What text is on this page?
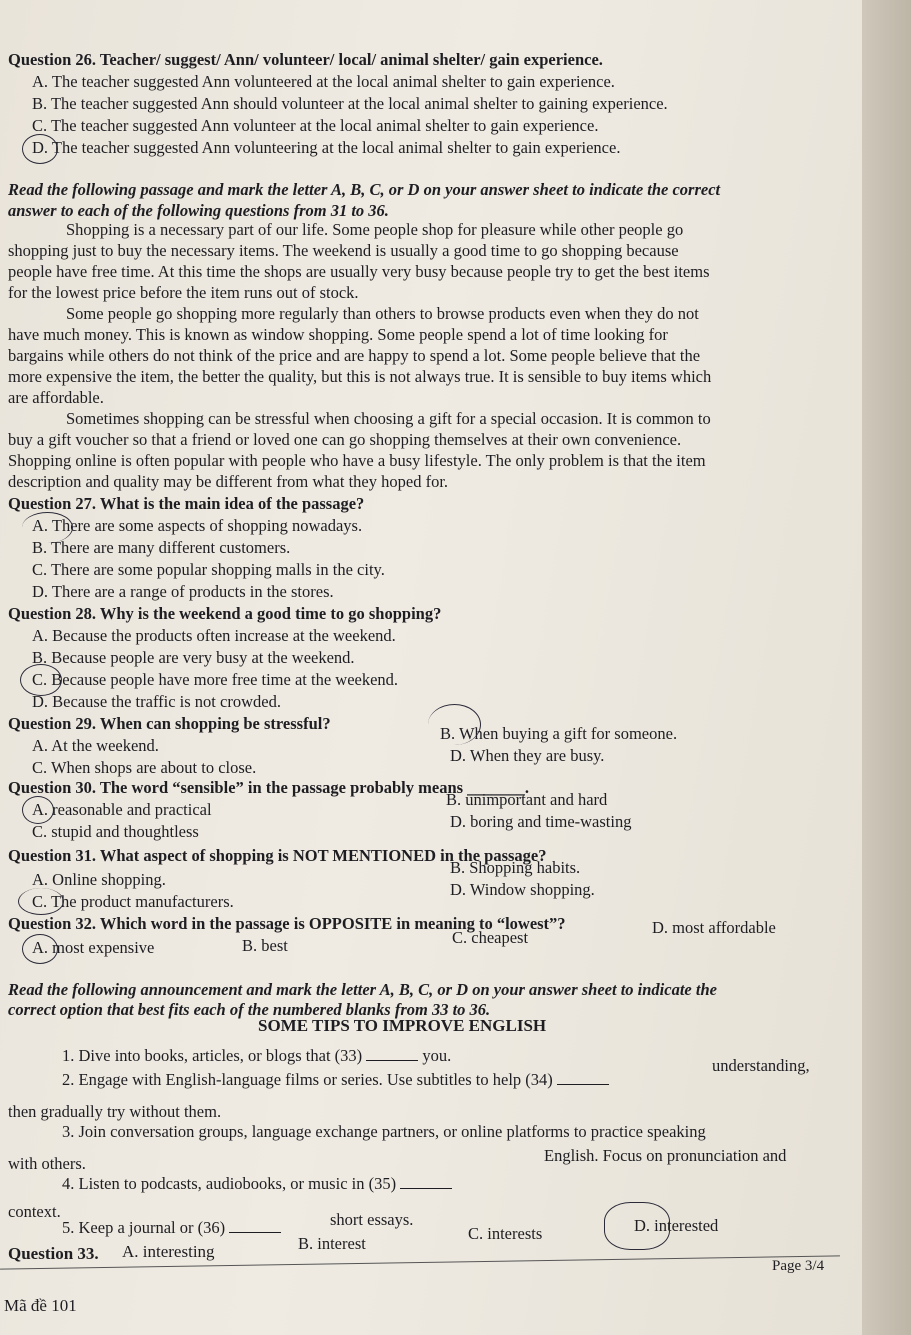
Question 26. Teacher/ suggest/ Ann/ volunteer/ local/ animal shelter/ gain experience.
A. The teacher suggested Ann volunteered at the local animal shelter to gain experience.
B. The teacher suggested Ann should volunteer at the local animal shelter to gaining experience.
C. The teacher suggested Ann volunteer at the local animal shelter to gain experience.
D. The teacher suggested Ann volunteering at the local animal shelter to gain experience.
Read the following passage and mark the letter A, B, C, or D on your answer sheet to indicate the correct
answer to each of the following questions from 31 to 36.
Shopping is a necessary part of our life. Some people shop for pleasure while other people go
shopping just to buy the necessary items. The weekend is usually a good time to go shopping because
people have free time. At this time the shops are usually very busy because people try to get the best items
for the lowest price before the item runs out of stock.
Some people go shopping more regularly than others to browse products even when they do not
have much money. This is known as window shopping. Some people spend a lot of time looking for
bargains while others do not think of the price and are happy to spend a lot. Some people believe that the
more expensive the item, the better the quality, but this is not always true. It is sensible to buy items which
are affordable.
Sometimes shopping can be stressful when choosing a gift for a special occasion. It is common to
buy a gift voucher so that a friend or loved one can go shopping themselves at their own convenience.
Shopping online is often popular with people who have a busy lifestyle. The only problem is that the item
description and quality may be different from what they hoped for.
Question 27. What is the main idea of the passage?
A. There are some aspects of shopping nowadays.
B. There are many different customers.
C. There are some popular shopping malls in the city.
D. There are a range of products in the stores.
Question 28. Why is the weekend a good time to go shopping?
A. Because the products often increase at the weekend.
B. Because people are very busy at the weekend.
C. Because people have more free time at the weekend.
D. Because the traffic is not crowded.
Question 29. When can shopping be stressful?
A. At the weekend.
B. When buying a gift for someone.
C. When shops are about to close.
D. When they are busy.
Question 30. The word “sensible” in the passage probably means _______.
A. reasonable and practical
B. unimportant and hard
C. stupid and thoughtless
D. boring and time-wasting
Question 31. What aspect of shopping is NOT MENTIONED in the passage?
A. Online shopping.
B. Shopping habits.
C. The product manufacturers.
D. Window shopping.
Question 32. Which word in the passage is OPPOSITE in meaning to “lowest”?
A. most expensive	B. best	C. cheapest
D. most affordable
Read the following announcement and mark the letter A, B, C, or D on your answer sheet to indicate the
correct option that best fits each of the numbered blanks from 33 to 36.
SOME TIPS TO IMPROVE ENGLISH
1. Dive into books, articles, or blogs that (33)	you.
2. Engage with English-language films or series. Use subtitles to help (34)
understanding,
then gradually try without them.
3. Join conversation groups, language exchange partners, or online platforms to practice speaking
with others.
4. Listen to podcasts, audiobooks, or music in (35)
English. Focus on pronunciation and
context.
5. Keep a journal or (36)	short essays.
Question 33. A. interesting	B. interest
C. interests	D. interested
Page 3/4
Mã đề 101
